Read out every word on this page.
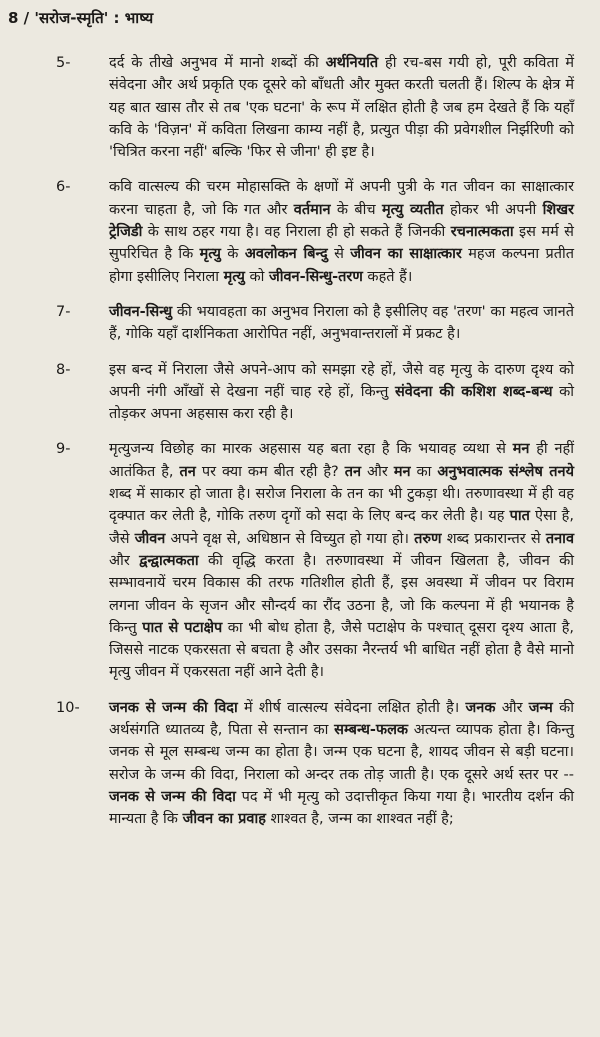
8 / 'सरोज-स्मृति' : भाष्य
5-	दर्द के तीखे अनुभव में मानो शब्दों की अर्थनियति ही रच-बस गयी हो, पूरी कविता में संवेदना और अर्थ प्रकृति एक दूसरे को बाँधती और मुक्त करती चलती हैं। शिल्प के क्षेत्र में यह बात खास तौर से तब 'एक घटना' के रूप में लक्षित होती है जब हम देखते हैं कि यहाँ कवि के 'विज़न' में कविता लिखना काम्य नहीं है, प्रत्युत पीड़ा की प्रवेगशील निर्झरिणी को 'चित्रित करना नहीं' बल्कि 'फिर से जीना' ही इष्ट है।
6-	कवि वात्सल्य की चरम मोहासक्ति के क्षणों में अपनी पुत्री के गत जीवन का साक्षात्कार करना चाहता है, जो कि गत और वर्तमान के बीच मृत्यु व्यतीत होकर भी अपनी शिखर ट्रेजिडी के साथ ठहर गया है। वह निराला ही हो सकते हैं जिनकी रचनात्मकता इस मर्म से सुपरिचित है कि मृत्यु के अवलोकन बिन्दु से जीवन का साक्षात्कार महज कल्पना प्रतीत होगा इसीलिए निराला मृत्यु को जीवन-सिन्धु-तरण कहते हैं।
7-	जीवन-सिन्धु की भयावहता का अनुभव निराला को है इसीलिए वह 'तरण' का महत्व जानते हैं, गोकि यहाँ दार्शनिकता आरोपित नहीं, अनुभवान्तरालों में प्रकट है।
8-	इस बन्द में निराला जैसे अपने-आप को समझा रहे हों, जैसे वह मृत्यु के दारुण दृश्य को अपनी नंगी आँखों से देखना नहीं चाह रहे हों, किन्तु संवेदना की कशिश शब्द-बन्ध को तोड़कर अपना अहसास करा रही है।
9-	मृत्युजन्य विछोह का मारक अहसास यह बता रहा है कि भयावह व्यथा से मन ही नहीं आतंकित है, तन पर क्या कम बीत रही है? तन और मन का अनुभवात्मक संश्लेष तनये शब्द में साकार हो जाता है। सरोज निराला के तन का भी टुकड़ा थी। तरुणावस्था में ही वह दृक्पात कर लेती है, गोकि तरुण दृगों को सदा के लिए बन्द कर लेती है। यह पात ऐसा है, जैसे जीवन अपने वृक्ष से, अधिष्ठान से विच्युत हो गया हो। तरुण शब्द प्रकारान्तर से तनाव और द्वन्द्वात्मकता की वृद्धि करता है। तरुणावस्था में जीवन खिलता है, जीवन की सम्भावनायें चरम विकास की तरफ गतिशील होती हैं, इस अवस्था में जीवन पर विराम लगना जीवन के सृजन और सौन्दर्य का रौंद उठना है, जो कि कल्पना में ही भयानक है किन्तु पात से पटाक्षेप का भी बोध होता है, जैसे पटाक्षेप के पश्चात् दूसरा दृश्य आता है, जिससे नाटक एकरसता से बचता है और उसका नैरन्तर्य भी बाधित नहीं होता है वैसे मानो मृत्यु जीवन में एकरसता नहीं आने देती है।
10-	जनक से जन्म की विदा में शीर्ष वात्सल्य संवेदना लक्षित होती है। जनक और जन्म की अर्थसंगति ध्यातव्य है, पिता से सन्तान का सम्बन्ध-फलक अत्यन्त व्यापक होता है। किन्तु जनक से मूल सम्बन्ध जन्म का होता है। जन्म एक घटना है, शायद जीवन से बड़ी घटना। सरोज के जन्म की विदा, निराला को अन्दर तक तोड़ जाती है। एक दूसरे अर्थ स्तर पर --जनक से जन्म की विदा पद में भी मृत्यु को उदात्तीकृत किया गया है। भारतीय दर्शन की मान्यता है कि जीवन का प्रवाह शाश्वत है, जन्म का शाश्वत नहीं है;
